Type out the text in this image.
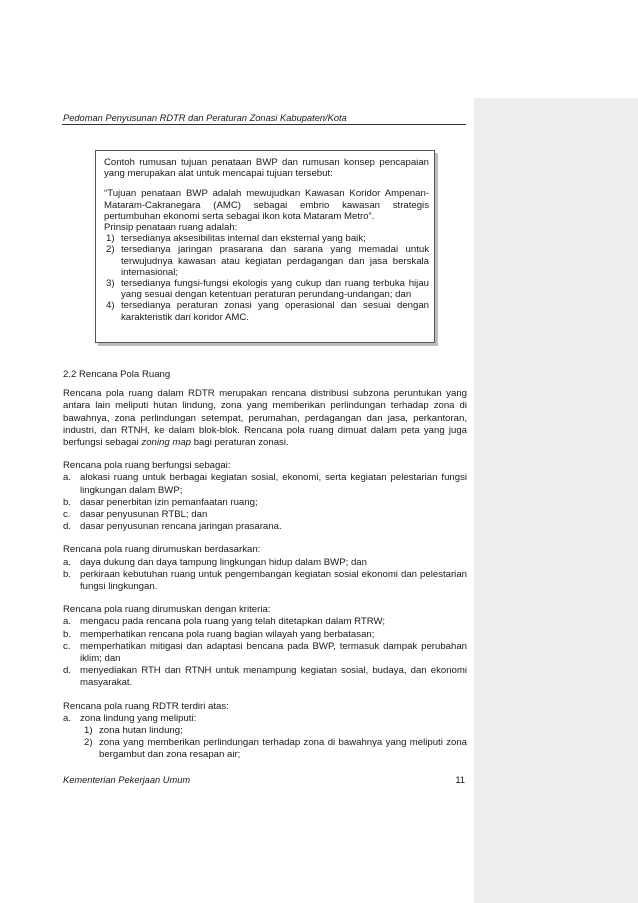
Pedoman Penyusunan RDTR dan Peraturan Zonasi Kabupaten/Kota
Contoh rumusan tujuan penataan BWP dan rumusan konsep pencapaian yang merupakan alat untuk mencapai tujuan tersebut:
“Tujuan penataan BWP adalah mewujudkan Kawasan Koridor Ampenan-Mataram-Cakranegara (AMC) sebagai embrio kawasan strategis pertumbuhan ekonomi serta sebagai ikon kota Mataram Metro”.
Prinsip penataan ruang adalah:
1) tersedianya aksesibilitas internal dan eksternal yang baik;
2) tersedianya jaringan prasarana dan sarana yang memadai untuk terwujudnya kawasan atau kegiatan perdagangan dan jasa berskala internasional;
3) tersedianya fungsi-fungsi ekologis yang cukup dan ruang terbuka hijau yang sesuai dengan ketentuan peraturan perundang-undangan; dan
4) tersedianya peraturan zonasi yang operasional dan sesuai dengan karakteristik dari koridor AMC.

2.2 Rencana Pola Ruang

Rencana pola ruang dalam RDTR merupakan rencana distribusi subzona peruntukan yang antara lain meliputi hutan lindung, zona yang memberikan perlindungan terhadap zona di bawahnya, zona perlindungan setempat, perumahan, perdagangan dan jasa, perkantoran, industri, dan RTNH, ke dalam blok-blok. Rencana pola ruang dimuat dalam peta yang juga berfungsi sebagai zoning map bagi peraturan zonasi.

Rencana pola ruang berfungsi sebagai:

a. alokasi ruang untuk berbagai kegiatan sosial, ekonomi, serta kegiatan pelestarian fungsi lingkungan dalam BWP;
b. dasar penerbitan izin pemanfaatan ruang;
c. dasar penyusunan RTBL; dan
d. dasar penyusunan rencana jaringan prasarana.

Rencana pola ruang dirumuskan berdasarkan:

a. daya dukung dan daya tampung lingkungan hidup dalam BWP; dan
b. perkiraan kebutuhan ruang untuk pengembangan kegiatan sosial ekonomi dan pelestarian fungsi lingkungan.

Rencana pola ruang dirumuskan dengan kriteria:

a. mengacu pada rencana pola ruang yang telah ditetapkan dalam RTRW;
b. memperhatikan rencana pola ruang bagian wilayah yang berbatasan;
c. memperhatikan mitigasi dan adaptasi bencana pada BWP, termasuk dampak perubahan iklim; dan
d. menyediakan RTH dan RTNH untuk menampung kegiatan sosial, budaya, dan ekonomi masyarakat.

Rencana pola ruang RDTR terdiri atas:

a. zona lindung yang meliputi:
1) zona hutan lindung;
2) zona yang memberikan perlindungan terhadap zona di bawahnya yang meliputi zona bergambut dan zona resapan air;
Kementerian Pekerjaan Umum	11
